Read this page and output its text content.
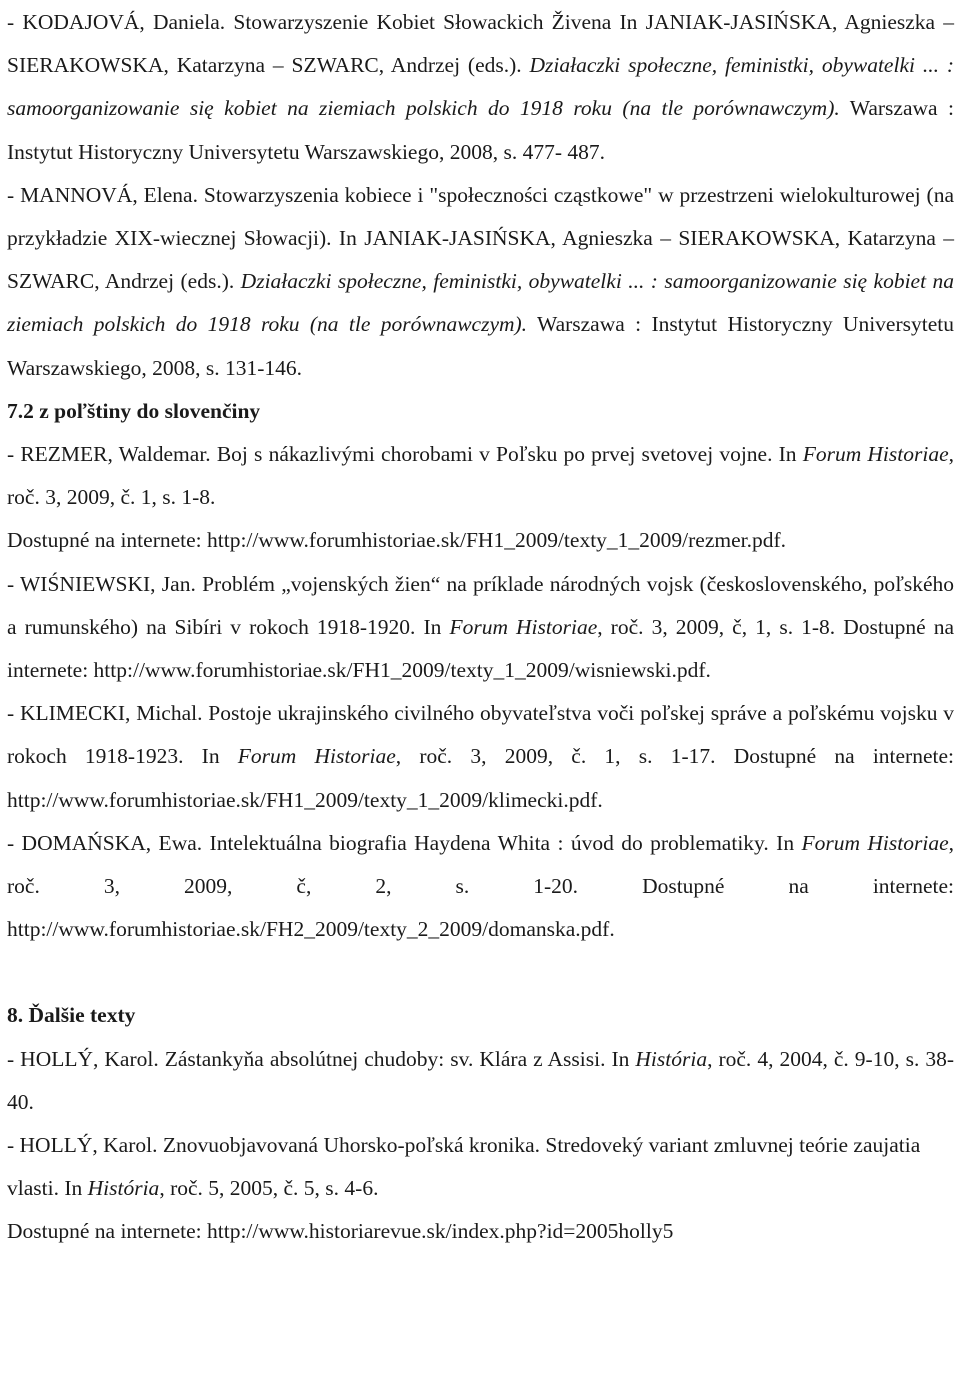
- KODAJOVÁ, Daniela. Stowarzyszenie Kobiet Słowackich Živena In JANIAK-JASIŃSKA, Agnieszka – SIERAKOWSKA, Katarzyna – SZWARC, Andrzej (eds.). Działaczki społeczne, feministki, obywatelki ... : samoorganizowanie się kobiet na ziemiach polskich do 1918 roku (na tle porównawczym). Warszawa : Instytut Historyczny Universytetu Warszawskiego, 2008, s. 477- 487.

- MANNOVÁ, Elena. Stowarzyszenia kobiece i "społeczności cząstkowe" w przestrzeni wielokulturowej (na przykładzie XIX-wiecznej Słowacji). In JANIAK-JASIŃSKA, Agnieszka – SIERAKOWSKA, Katarzyna – SZWARC, Andrzej (eds.). Działaczki społeczne, feministki, obywatelki ... : samoorganizowanie się kobiet na ziemiach polskich do 1918 roku (na tle porównawczym). Warszawa : Instytut Historyczny Universytetu Warszawskiego, 2008, s. 131-146.

7.2 z poľštiny do slovenčiny

- REZMER, Waldemar. Boj s nákazlivými chorobami v Poľsku po prvej svetovej vojne. In Forum Historiae, roč. 3, 2009, č. 1, s. 1-8.

Dostupné na internete: http://www.forumhistoriae.sk/FH1_2009/texty_1_2009/rezmer.pdf.

- WIŚNIEWSKI, Jan. Problém „vojenských žien“ na príklade národných vojsk (československého, poľského a rumunského) na Sibíri v rokoch 1918-1920. In Forum Historiae, roč. 3, 2009, č, 1, s. 1-8. Dostupné na internete: http://www.forumhistoriae.sk/FH1_2009/texty_1_2009/wisniewski.pdf.

- KLIMECKI, Michal. Postoje ukrajinského civilného obyvateľstva voči poľskej správe a poľskému vojsku v rokoch 1918-1923. In Forum Historiae, roč. 3, 2009, č. 1, s. 1-17. Dostupné na internete: http://www.forumhistoriae.sk/FH1_2009/texty_1_2009/klimecki.pdf.

- DOMAŃSKA, Ewa. Intelektuálna biografia Haydena Whita : úvod do problematiky. In Forum Historiae, roč. 3, 2009, č, 2, s. 1-20. Dostupné na internete: http://www.forumhistoriae.sk/FH2_2009/texty_2_2009/domanska.pdf.

8. Ďalšie texty

- HOLLÝ, Karol. Zástankyňa absolútnej chudoby: sv. Klára z Assisi. In História, roč. 4, 2004, č. 9-10, s. 38-40.

- HOLLÝ, Karol. Znovuobjavovaná Uhorsko-poľská kronika. Stredoveký variant zmluvnej teórie zaujatia vlasti. In História, roč. 5, 2005, č. 5, s. 4-6.

Dostupné na internete: http://www.historiarevue.sk/index.php?id=2005holly5
